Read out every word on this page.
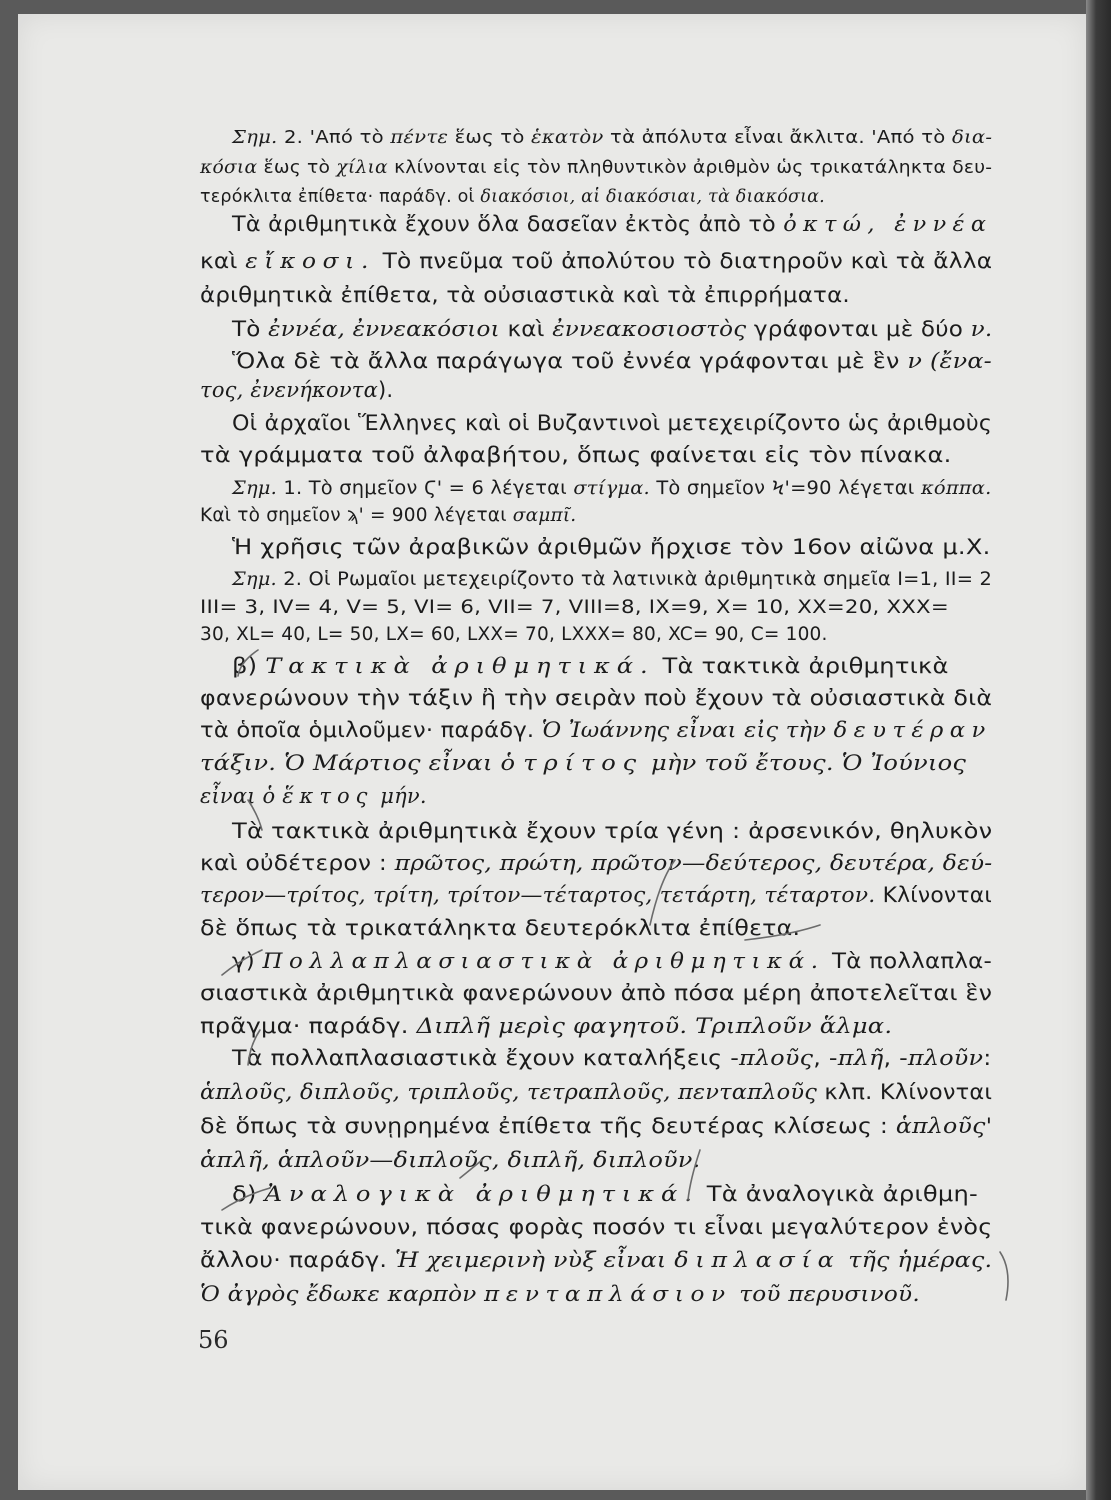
Σημ. 2. 'Από τὸ πέντε ἕως τὸ ἑκατὸν τὰ ἀπόλυτα εἶναι ἄκλιτα. 'Από τὸ δια-
κόσια ἕως τὸ χίλια κλίνονται εἰς τὸν πληθυντικὸν ἀριθμὸν ὡς τρικατάληκτα δευ-
τερόκλιτα ἐπίθετα· παράδγ. οἱ διακόσιοι, αἱ διακόσιαι, τὰ διακόσια.
Τὰ ἀριθμητικὰ ἔχουν ὅλα δασεῖαν ἐκτὸς ἀπὸ τὸ ὀκτώ, ἐννέα
καὶ εἴκοσι. Τὸ πνεῦμα τοῦ ἀπολύτου τὸ διατηροῦν καὶ τὰ ἄλλα
ἀριθμητικὰ ἐπίθετα, τὰ οὐσιαστικὰ καὶ τὰ ἐπιρρήματα.
Τὸ ἐννέα, ἐννεακόσιοι καὶ ἐννεακοσιοστὸς γράφονται μὲ δύο ν.
Ὅλα δὲ τὰ ἄλλα παράγωγα τοῦ ἐννέα γράφονται μὲ ἓν ν (ἔνα-
τος, ἐνενήκοντα).
Οἱ ἀρχαῖοι Ἕλληνες καὶ οἱ Βυζαντινοὶ μετεχειρίζοντο ὡς ἀριθμοὺς
τὰ γράμματα τοῦ ἀλφαβήτου, ὅπως φαίνεται εἰς τὸν πίνακα.
Σημ. 1. Τὸ σημεῖον Ϛ' = 6 λέγεται στίγμα. Τὸ σημεῖον Ϟ'=90 λέγεται κόππα.
Καὶ τὸ σημεῖον ϡ' = 900 λέγεται σαμπῖ.
Ἡ χρῆσις τῶν ἀραβικῶν ἀριθμῶν ἤρχισε τὸν 16ον αἰῶνα μ.Χ.
Σημ. 2. Οἱ Ρωμαῖοι μετεχειρίζοντο τὰ λατινικὰ ἀριθμητικὰ σημεῖα I=1, II= 2
III= 3, IV= 4, V= 5, VI= 6, VII= 7, VIII=8, IX=9, X= 10, XX=20, XXX=
30, XL= 40, L= 50, LX= 60, LXX= 70, LXXX= 80, XC= 90, C= 100.
β) Τακτικὰ ἀριθμητικά. Τὰ τακτικὰ ἀριθμητικὰ
φανερώνουν τὴν τάξιν ἢ τὴν σειρὰν ποὺ ἔχουν τὰ οὐσιαστικὰ διὰ
τὰ ὁποῖα ὁμιλοῦμεν· παράδγ. Ὁ Ἰωάννης εἶναι εἰς τὴν δευτέραν
τάξιν. Ὁ Μάρτιος εἶναι ὁ τρίτος μὴν τοῦ ἔτους. Ὁ Ἰούνιος
εἶναι ὁ ἕκτος μήν.
Τὰ τακτικὰ ἀριθμητικὰ ἔχουν τρία γένη : ἀρσενικόν, θηλυκὸν
καὶ οὐδέτερον : πρῶτος, πρώτη, πρῶτον—δεύτερος, δευτέρα, δεύ-
τερον—τρίτος, τρίτη, τρίτον—τέταρτος, τετάρτη, τέταρτον. Κλίνονται
δὲ ὅπως τὰ τρικατάληκτα δευτερόκλιτα ἐπίθετα.
γ) Πολλαπλασιαστικὰ ἀριθμητικά. Τὰ πολλαπλα-
σιαστικὰ ἀριθμητικὰ φανερώνουν ἀπὸ πόσα μέρη ἀποτελεῖται ἓν
πρᾶγμα· παράδγ. Διπλῆ μερὶς φαγητοῦ. Τριπλοῦν ἅλμα.
Τὰ πολλαπλασιαστικὰ ἔχουν καταλήξεις -πλοῦς, -πλῆ, -πλοῦν:
ἁπλοῦς, διπλοῦς, τριπλοῦς, τετραπλοῦς, πενταπλοῦς κλπ. Κλίνονται
δὲ ὅπως τὰ συνῃρημένα ἐπίθετα τῆς δευτέρας κλίσεως : ἁπλοῦς'
ἁπλῆ, ἁπλοῦν—διπλοῦς, διπλῆ, διπλοῦν.
δ) Ἀναλογικὰ ἀριθμητικά. Τὰ ἀναλογικὰ ἀριθμη-
τικὰ φανερώνουν, πόσας φορὰς ποσόν τι εἶναι μεγαλύτερον ἑνὸς
ἄλλου· παράδγ. Ἡ χειμερινὴ νὺξ εἶναι διπλασία τῆς ἡμέρας.
Ὁ ἀγρὸς ἔδωκε καρπὸν πενταπλάσιον τοῦ περυσινοῦ.
56
